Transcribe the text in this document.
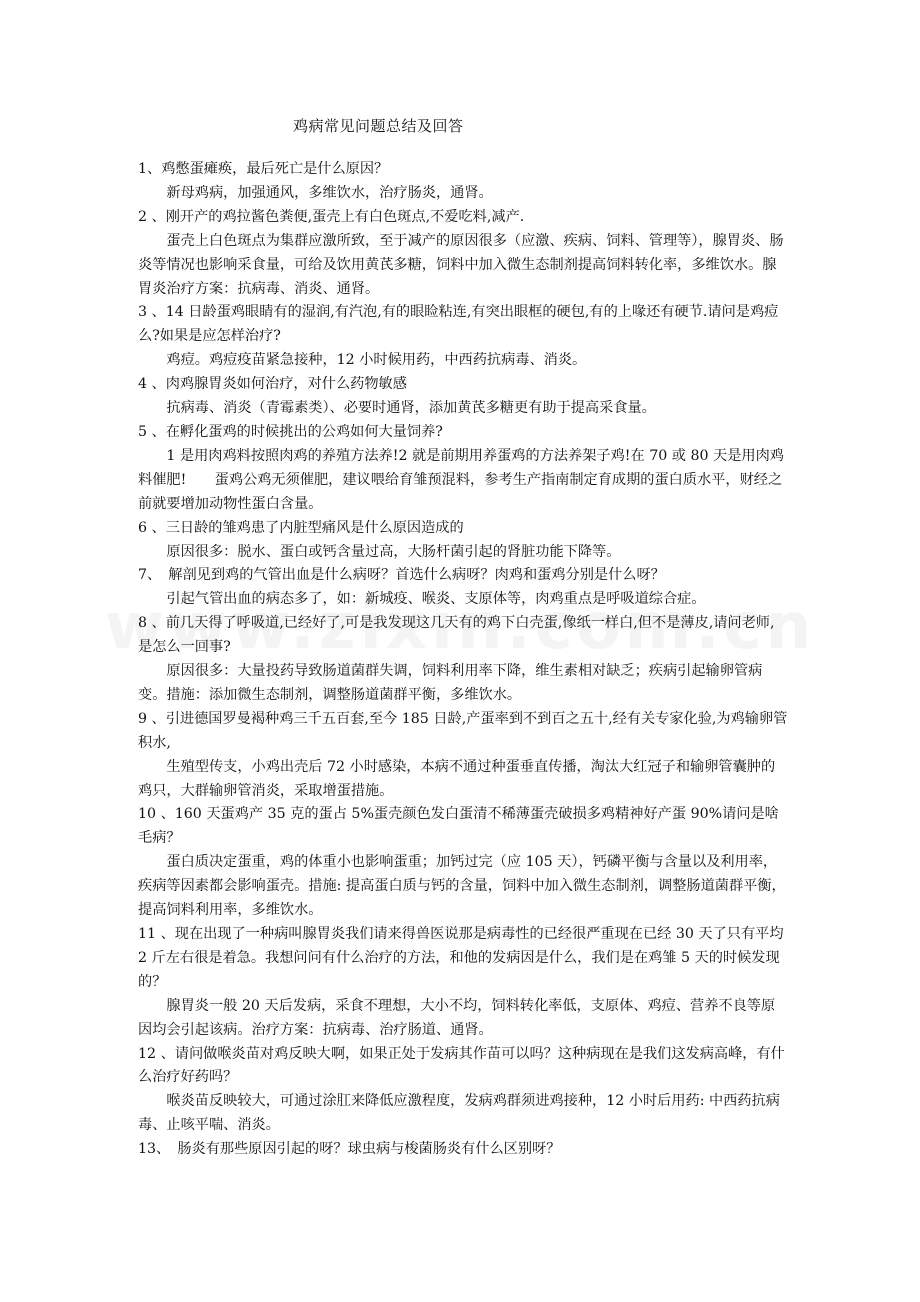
鸡病常见问题总结及回答

1、鸡憋蛋瘫痪，最后死亡是什么原因？

新母鸡病，加强通风，多维饮水，治疗肠炎，通肾。

2 、刚开产的鸡拉酱色粪便,蛋壳上有白色斑点,不爱吃料,减产.

蛋壳上白色斑点为集群应激所致，至于减产的原因很多（应激、疾病、饲料、管理等），腺胃炎、肠炎等情况也影响采食量，可给及饮用黄芪多糖，饲料中加入微生态制剂提高饲料转化率，多维饮水。腺胃炎治疗方案：抗病毒、消炎、通肾。

3 、14 日龄蛋鸡眼睛有的湿润,有汽泡,有的眼睑粘连,有突出眼框的硬包,有的上喙还有硬节.请问是鸡痘么?如果是应怎样治疗?

鸡痘。鸡痘疫苗紧急接种，12 小时候用药，中西药抗病毒、消炎。

4 、肉鸡腺胃炎如何治疗，对什么药物敏感

抗病毒、消炎（青霉素类）、必要时通肾，添加黄芪多糖更有助于提高采食量。

5 、在孵化蛋鸡的时候挑出的公鸡如何大量饲养?

1 是用肉鸡料按照肉鸡的养殖方法养!2 就是前期用养蛋鸡的方法养架子鸡!在 70 或 80 天是用肉鸡料催肥!　　蛋鸡公鸡无须催肥，建议喂给育雏预混料，参考生产指南制定育成期的蛋白质水平，财经之前就要增加动物性蛋白含量。

6 、三日龄的雏鸡患了内脏型痛风是什么原因造成的

原因很多：脱水、蛋白或钙含量过高，大肠杆菌引起的肾脏功能下降等。

7、　解剖见到鸡的气管出血是什么病呀？首选什么病呀？肉鸡和蛋鸡分别是什么呀？

引起气管出血的病态多了，如：新城疫、喉炎、支原体等，肉鸡重点是呼吸道综合症。

8 、前几天得了呼吸道,已经好了,可是我发现这几天有的鸡下白壳蛋,像纸一样白,但不是薄皮,请问老师,是怎么一回事?

原因很多：大量投药导致肠道菌群失调，饲料利用率下降，维生素相对缺乏；疾病引起输卵管病变。措施：添加微生态制剂，调整肠道菌群平衡，多维饮水。

9 、引进德国罗曼褐种鸡三千五百套,至今 185 日龄,产蛋率到不到百之五十,经有关专家化验,为鸡输卵管积水,

生殖型传支，小鸡出壳后 72 小时感染，本病不通过种蛋垂直传播，淘汰大红冠子和输卵管囊肿的鸡只，大群输卵管消炎，采取增蛋措施。

10 、160 天蛋鸡产 35 克的蛋占 5%蛋壳颜色发白蛋清不稀薄蛋壳破损多鸡精神好产蛋 90%请问是啥毛病？

蛋白质决定蛋重，鸡的体重小也影响蛋重；加钙过完（应 105 天），钙磷平衡与含量以及利用率，疾病等因素都会影响蛋壳。措施: 提高蛋白质与钙的含量，饲料中加入微生态制剂，调整肠道菌群平衡，提高饲料利用率，多维饮水。

11 、现在出现了一种病叫腺胃炎我们请来得兽医说那是病毒性的已经很严重现在已经 30 天了只有平均 2 斤左右很是着急。我想问问有什么治疗的方法，和他的发病因是什么，我们是在鸡雏 5 天的时候发现的？

腺胃炎一般 20 天后发病，采食不理想，大小不均，饲料转化率低，支原体、鸡痘、营养不良等原因均会引起该病。治疗方案：抗病毒、治疗肠道、通肾。

12 、请问做喉炎苗对鸡反映大啊，如果正处于发病其作苗可以吗？这种病现在是我们这发病高峰，有什么治疗好药吗？

喉炎苗反映较大，可通过涂肛来降低应激程度，发病鸡群须进鸡接种，12 小时后用药: 中西药抗病毒、止咳平喘、消炎。

13、　肠炎有那些原因引起的呀？球虫病与梭菌肠炎有什么区别呀？
